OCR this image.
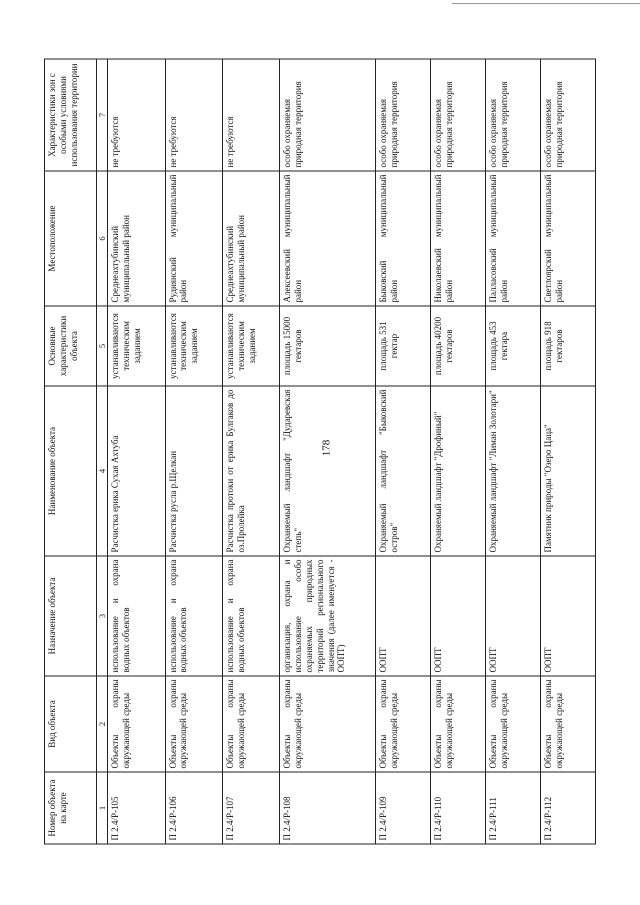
178
Номер объекта на карте	Вид объекта	Назначение объекта	Наименование объекта	Основные характеристики объекта	Местоположение	Характеристики зон с особыми условиями использования территории
1	2	3	4	5	6	7
П 2.4/Р-105	Объекты охраны окружающей среды	использование и охрана водных объектов	Расчистка ерика Сухая Ахтуба	устанавливаются техническим заданием	Среднеахтубинский муниципальный район	не требуются
П 2.4/Р-106	Объекты охраны окружающей среды	использование и охрана водных объектов	Расчистка русла р.Щелкан	устанавливаются техническим заданием	Руднянский муниципальный район	не требуются
П 2.4/Р-107	Объекты охраны окружающей среды	использование и охрана водных объектов	Расчистка протоки от ерика Булгаков до оз.Пролейка	устанавливаются техническим заданием	Среднеахтубинский муниципальный район	не требуются
П 2.4/Р-108	Объекты охраны окружающей среды	организация, охрана и использование особо охраняемых природных территорий регионального значения (далее именуется - ООПТ)	Охраняемый ландшафт "Дударевская степь"	площадь 15000 гектаров	Алексеевский муниципальный район	особо охраняемая природная территория
П 2.4/Р-109	Объекты охраны окружающей среды	ООПТ	Охраняемый ландшафт "Быковский остров"	площадь 531 гектар	Быковский муниципальный район	особо охраняемая природная территория
П 2.4/Р-110	Объекты охраны окружающей среды	ООПТ	Охраняемый ландшафт "Дрофиный"	площадь 40200 гектаров	Николаевский муниципальный район	особо охраняемая природная территория
П 2.4/Р-111	Объекты охраны окружающей среды	ООПТ	Охраняемый ландшафт "Лиман Золотари"	площадь 453 гектара	Палласовский муниципальный район	особо охраняемая природная территория
П 2.4/Р-112	Объекты охраны окружающей среды	ООПТ	Памятник природы "Озеро Цаца"	площадь 918 гектаров	Светлоярский муниципальный район	особо охраняемая природная территория
